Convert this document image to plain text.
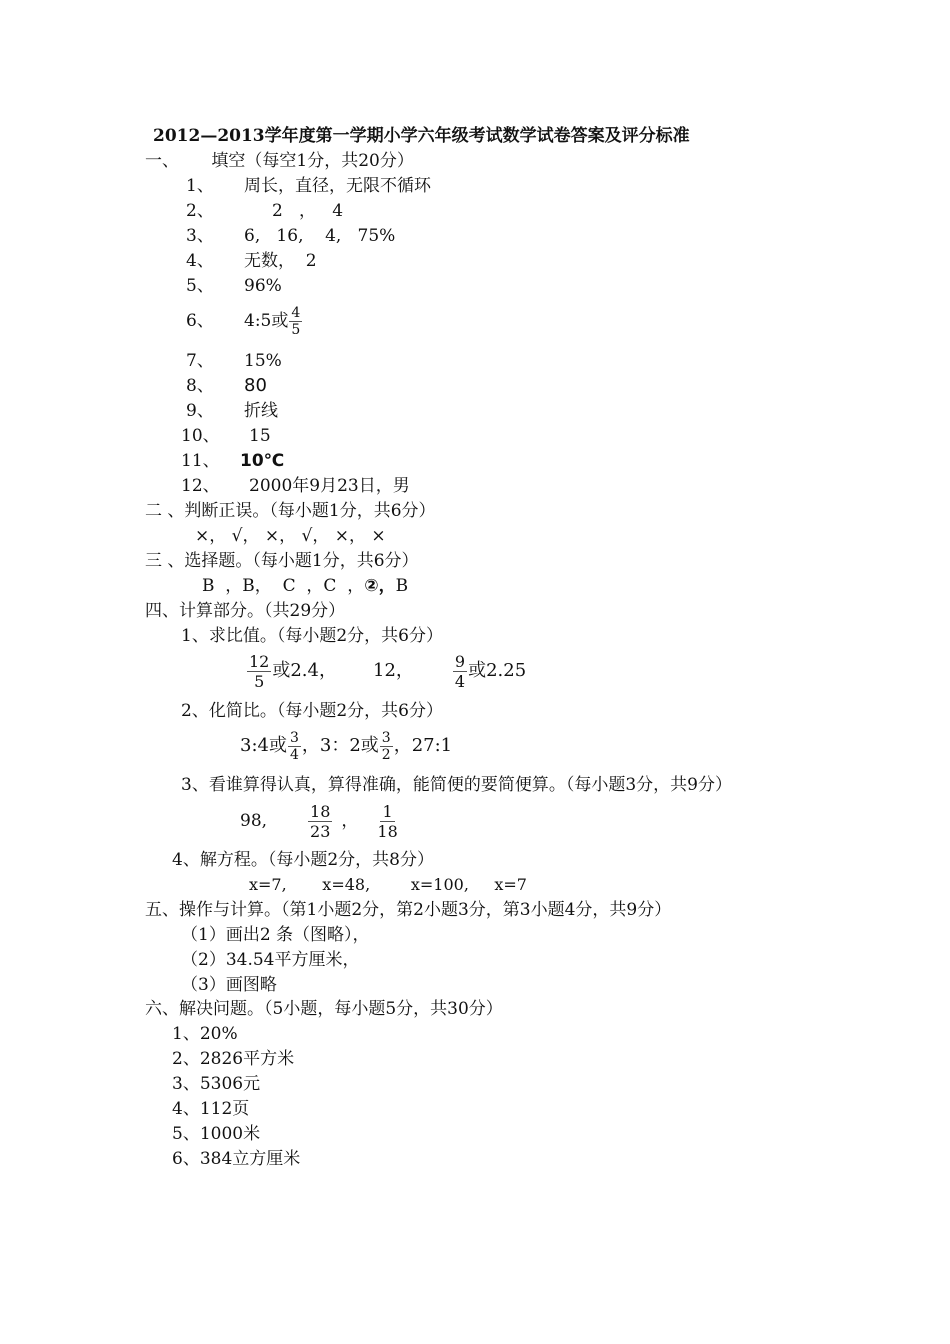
2012—2013学年度第一学期小学六年级考试数学试卷答案及评分标准
一、      填空（每空1分，共20分）
1、 周长，直径，无限不循环
2、	2   ，   4
3、 6,   16,    4,   75%
4、 无数，  2
5、 96%
6、 4:5或 $\frac{4}{5}$
7、 15%
8、 80
9、 折线
10、 15
11、 10℃
12、 2000年9月23日，男
二 、判断正误。（每小题1分，共6分）
×， √， ×， √， ×， ×
三 、选择题。（每小题1分，共6分）
B  ，B，  C  ，C  ，②，B
四、计算部分。（共29分）
1、求比值。（每小题2分，共6分）
$\frac{12}{5}$ 或2.4， 12， $\frac{9}{4}$ 或2.25
2、化简比。（每小题2分，共6分）
3:4或 $\frac{3}{4}$ ，3：2或 $\frac{3}{2}$ ，27:1
3、看谁算得认真，算得准确，能简便的要简便算。（每小题3分，共9分）
98,	$\frac{18}{23}$ ， $\frac{1}{18}$
4、解方程。（每小题2分，共8分）
x=7,       x=48,        x=100,     x=7
五、操作与计算。（第1小题2分，第2小题3分，第3小题4分，共9分）
（1）画出2 条（图略），
（2）34.54平方厘米，
（3）画图略
六、解决问题。（5小题，每小题5分，共30分）
1、20%
2、2826平方米
3、5306元
4、112页
5、1000米
6、384立方厘米
